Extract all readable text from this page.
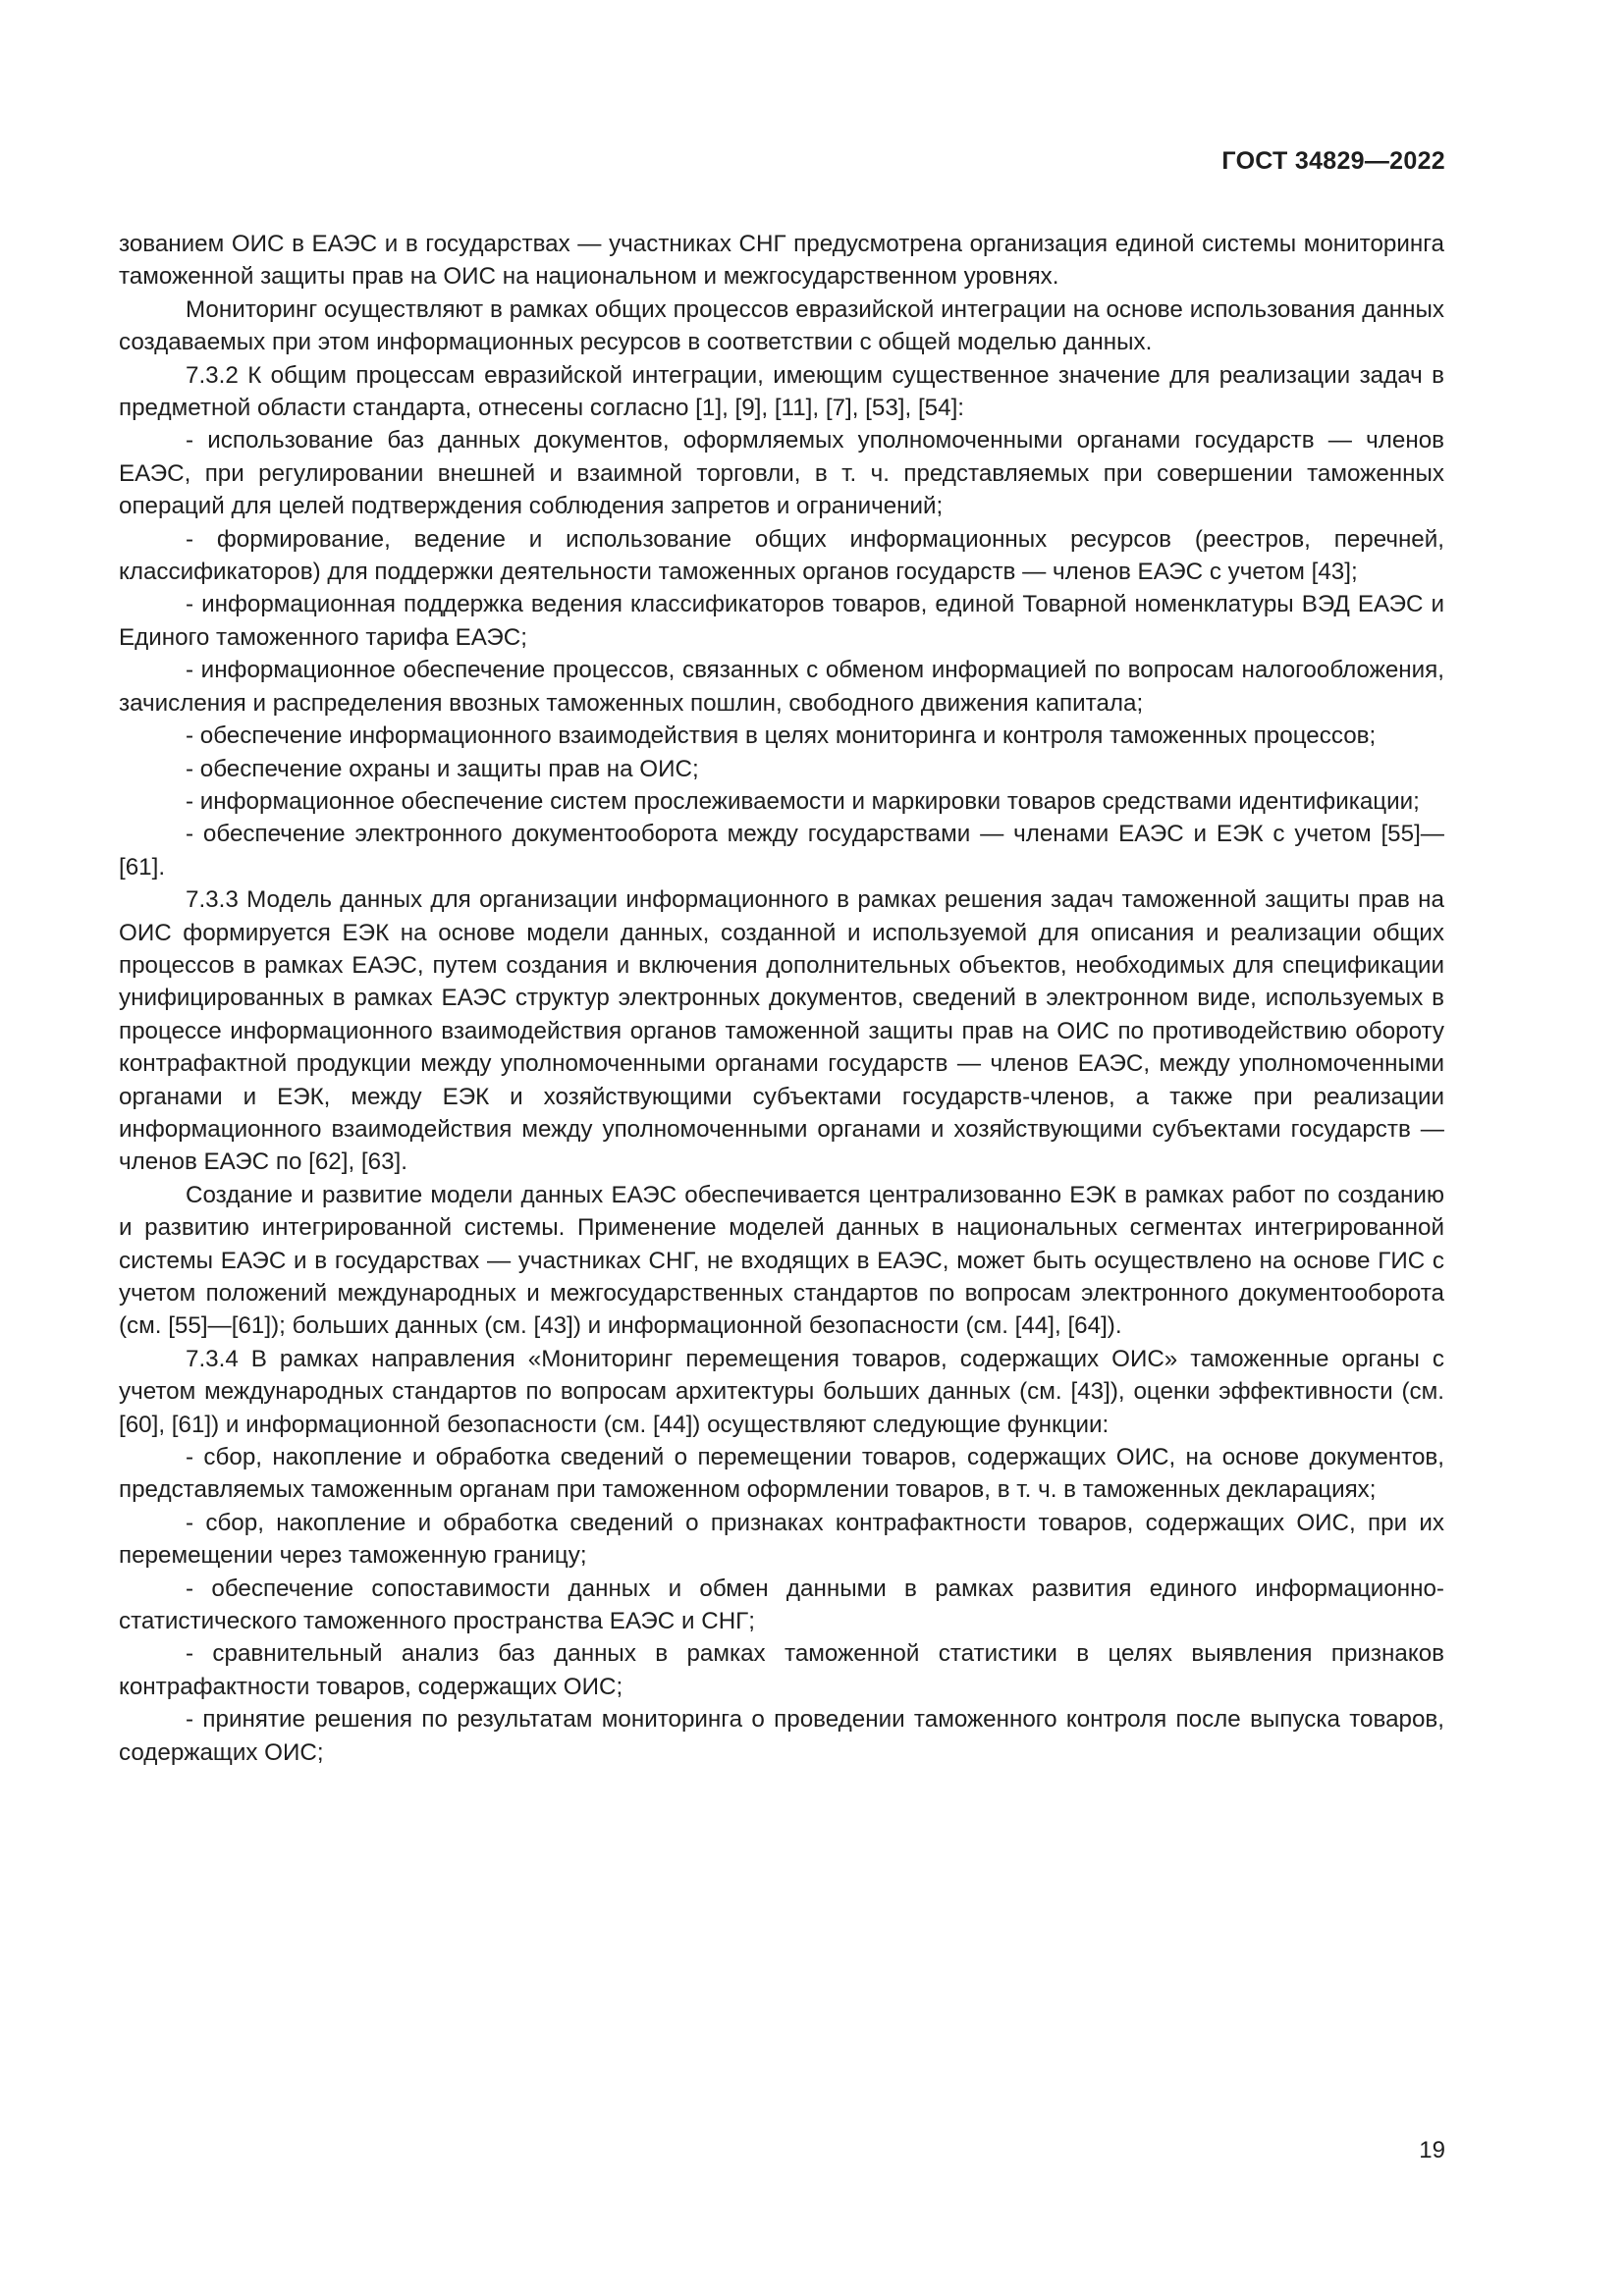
ГОСТ 34829—2022

зованием ОИС в ЕАЭС и в государствах — участниках СНГ предусмотрена организация единой системы мониторинга таможенной защиты прав на ОИС на национальном и межгосударственном уровнях.

Мониторинг осуществляют в рамках общих процессов евразийской интеграции на основе использования данных создаваемых при этом информационных ресурсов в соответствии с общей моделью данных.

7.3.2 К общим процессам евразийской интеграции, имеющим существенное значение для реализации задач в предметной области стандарта, отнесены согласно [1], [9], [11], [7], [53], [54]:

- использование баз данных документов, оформляемых уполномоченными органами государств — членов ЕАЭС, при регулировании внешней и взаимной торговли, в т. ч. представляемых при совершении таможенных операций для целей подтверждения соблюдения запретов и ограничений;

- формирование, ведение и использование общих информационных ресурсов (реестров, перечней, классификаторов) для поддержки деятельности таможенных органов государств — членов ЕАЭС с учетом [43];

- информационная поддержка ведения классификаторов товаров, единой Товарной номенклатуры ВЭД ЕАЭС и Единого таможенного тарифа ЕАЭС;

- информационное обеспечение процессов, связанных с обменом информацией по вопросам налогообложения, зачисления и распределения ввозных таможенных пошлин, свободного движения капитала;

- обеспечение информационного взаимодействия в целях мониторинга и контроля таможенных процессов;

- обеспечение охраны и защиты прав на ОИС;

- информационное обеспечение систем прослеживаемости и маркировки товаров средствами идентификации;

- обеспечение электронного документооборота между государствами — членами ЕАЭС и ЕЭК с учетом [55]—[61].

7.3.3 Модель данных для организации информационного в рамках решения задач таможенной защиты прав на ОИС формируется ЕЭК на основе модели данных, созданной и используемой для описания и реализации общих процессов в рамках ЕАЭС, путем создания и включения дополнительных объектов, необходимых для спецификации унифицированных в рамках ЕАЭС структур электронных документов, сведений в электронном виде, используемых в процессе информационного взаимодействия органов таможенной защиты прав на ОИС по противодействию обороту контрафактной продукции между уполномоченными органами государств — членов ЕАЭС, между уполномоченными органами и ЕЭК, между ЕЭК и хозяйствующими субъектами государств-членов, а также при реализации информационного взаимодействия между уполномоченными органами и хозяйствующими субъектами государств — членов ЕАЭС по [62], [63].

Создание и развитие модели данных ЕАЭС обеспечивается централизованно ЕЭК в рамках работ по созданию и развитию интегрированной системы. Применение моделей данных в национальных сегментах интегрированной системы ЕАЭС и в государствах — участниках СНГ, не входящих в ЕАЭС, может быть осуществлено на основе ГИС с учетом положений международных и межгосударственных стандартов по вопросам электронного документооборота (см. [55]—[61]); больших данных (см. [43]) и информационной безопасности (см. [44], [64]).

7.3.4 В рамках направления «Мониторинг перемещения товаров, содержащих ОИС» таможенные органы с учетом международных стандартов по вопросам архитектуры больших данных (см. [43]), оценки эффективности (см. [60], [61]) и информационной безопасности (см. [44]) осуществляют следующие функции:

- сбор, накопление и обработка сведений о перемещении товаров, содержащих ОИС, на основе документов, представляемых таможенным органам при таможенном оформлении товаров, в т. ч. в таможенных декларациях;

- сбор, накопление и обработка сведений о признаках контрафактности товаров, содержащих ОИС, при их перемещении через таможенную границу;

- обеспечение сопоставимости данных и обмен данными в рамках развития единого информационно-статистического таможенного пространства ЕАЭС и СНГ;

- сравнительный анализ баз данных в рамках таможенной статистики в целях выявления признаков контрафактности товаров, содержащих ОИС;

- принятие решения по результатам мониторинга о проведении таможенного контроля после выпуска товаров, содержащих ОИС;

19
